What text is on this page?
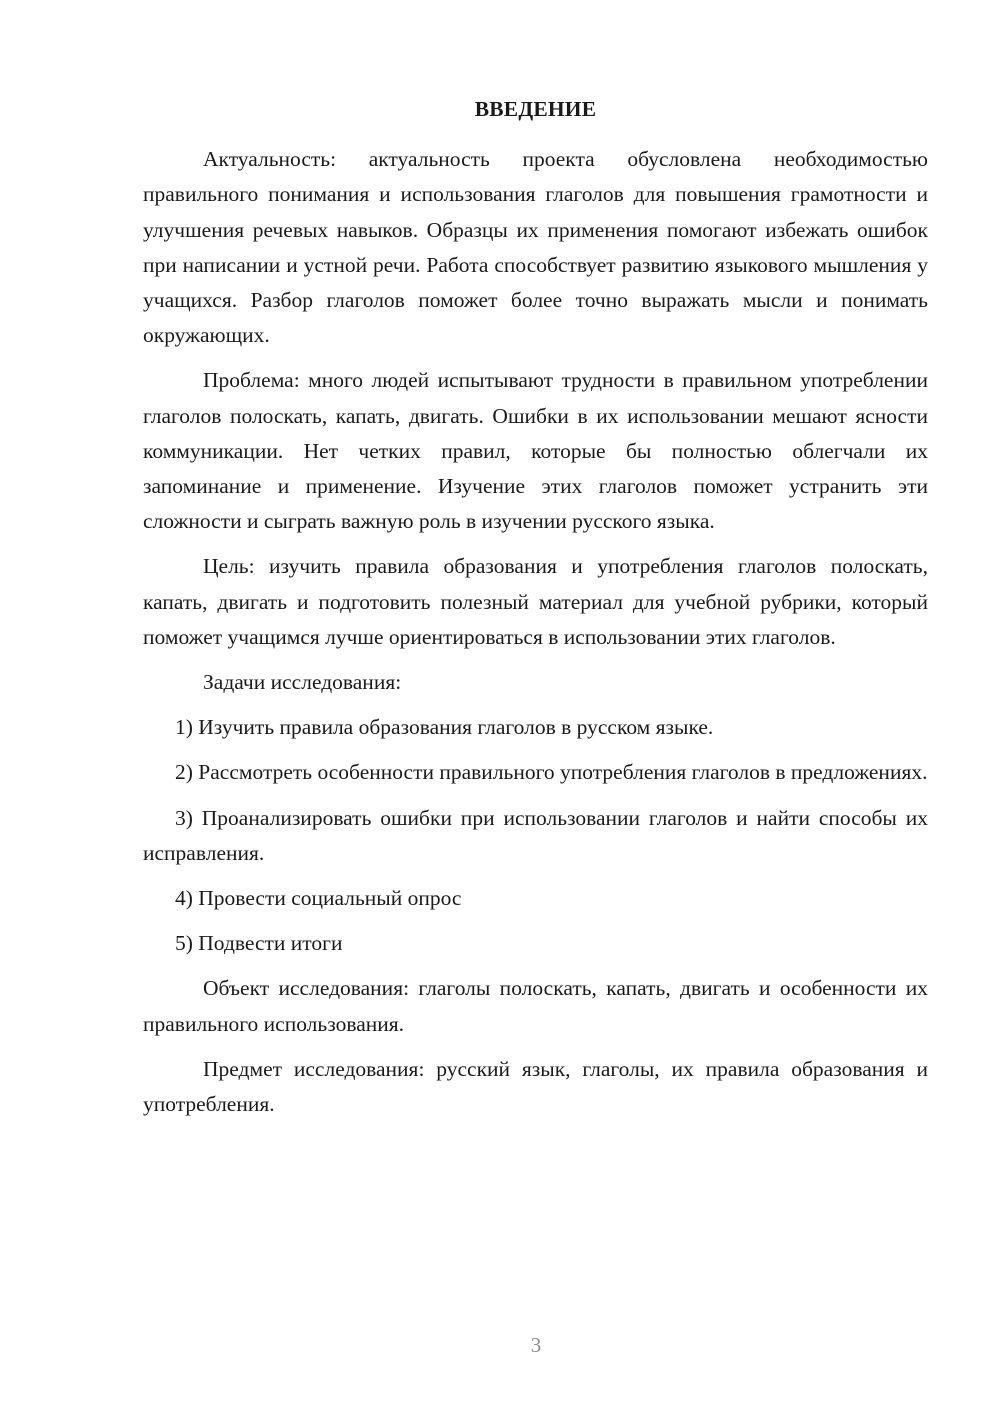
ВВЕДЕНИЕ

Актуальность: актуальность проекта обусловлена необходимостью правильного понимания и использования глаголов для повышения грамотности и улучшения речевых навыков. Образцы их применения помогают избежать ошибок при написании и устной речи. Работа способствует развитию языкового мышления у учащихся. Разбор глаголов поможет более точно выражать мысли и понимать окружающих.

Проблема: много людей испытывают трудности в правильном употреблении глаголов полоскать, капать, двигать. Ошибки в их использовании мешают ясности коммуникации. Нет четких правил, которые бы полностью облегчали их запоминание и применение. Изучение этих глаголов поможет устранить эти сложности и сыграть важную роль в изучении русского языка.

Цель: изучить правила образования и употребления глаголов полоскать, капать, двигать и подготовить полезный материал для учебной рубрики, который поможет учащимся лучше ориентироваться в использовании этих глаголов.

Задачи исследования:

1) Изучить правила образования глаголов в русском языке.

2) Рассмотреть особенности правильного употребления глаголов в предложениях.

3) Проанализировать ошибки при использовании глаголов и найти способы их исправления.

4) Провести социальный опрос

5) Подвести итоги

Объект исследования: глаголы полоскать, капать, двигать и особенности их правильного использования.

Предмет исследования: русский язык, глаголы, их правила образования и употребления.

3
